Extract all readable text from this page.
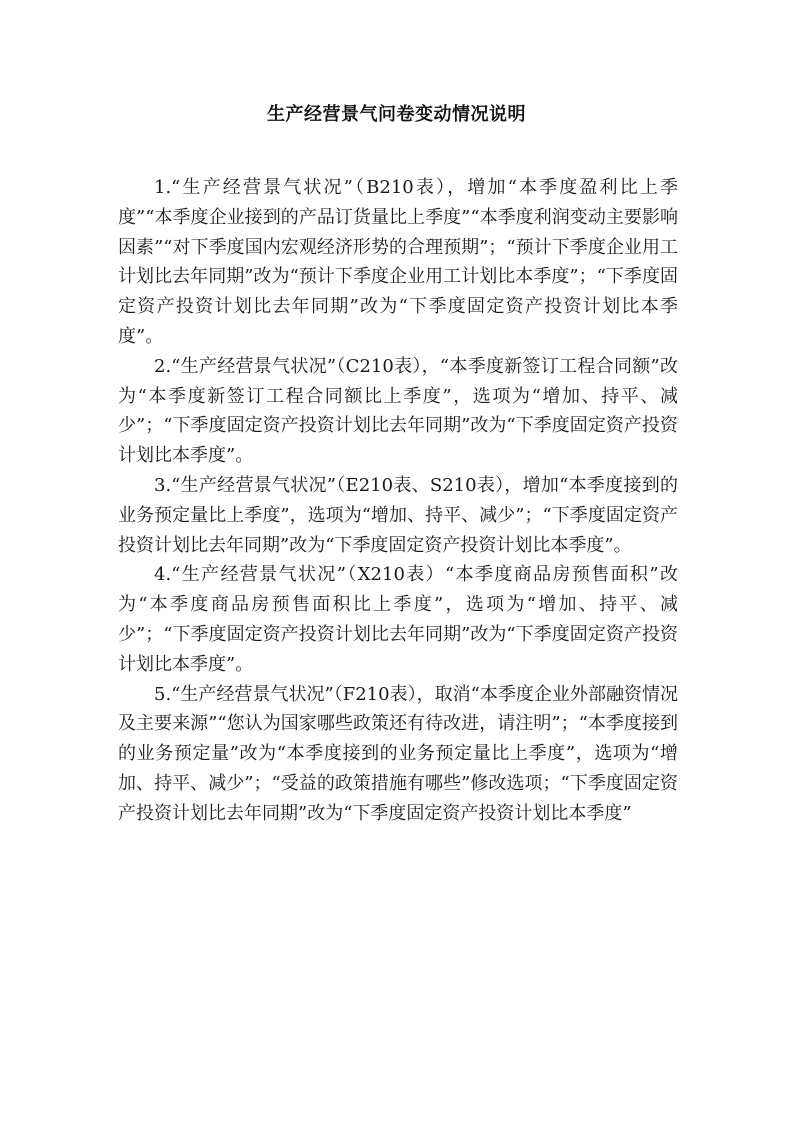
生产经营景气问卷变动情况说明

1.“生产经营景气状况”（B210表），增加“本季度盈利比上季度”“本季度企业接到的产品订货量比上季度”“本季度利润变动主要影响因素”“对下季度国内宏观经济形势的合理预期”；“预计下季度企业用工计划比去年同期”改为“预计下季度企业用工计划比本季度”；“下季度固定资产投资计划比去年同期”改为“下季度固定资产投资计划比本季度”。

2.“生产经营景气状况”（C210表），“本季度新签订工程合同额”改为“本季度新签订工程合同额比上季度”，选项为“增加、持平、减少”；“下季度固定资产投资计划比去年同期”改为“下季度固定资产投资计划比本季度”。

3.“生产经营景气状况”（E210表、S210表），增加“本季度接到的业务预定量比上季度”，选项为“增加、持平、减少”；“下季度固定资产投资计划比去年同期”改为“下季度固定资产投资计划比本季度”。

4.“生产经营景气状况”（X210表）“本季度商品房预售面积”改为“本季度商品房预售面积比上季度”，选项为“增加、持平、减少”；“下季度固定资产投资计划比去年同期”改为“下季度固定资产投资计划比本季度”。

5.“生产经营景气状况”（F210表），取消“本季度企业外部融资情况及主要来源”“您认为国家哪些政策还有待改进，请注明”；“本季度接到的业务预定量”改为“本季度接到的业务预定量比上季度”，选项为“增加、持平、减少”；“受益的政策措施有哪些”修改选项；“下季度固定资产投资计划比去年同期”改为“下季度固定资产投资计划比本季度”
